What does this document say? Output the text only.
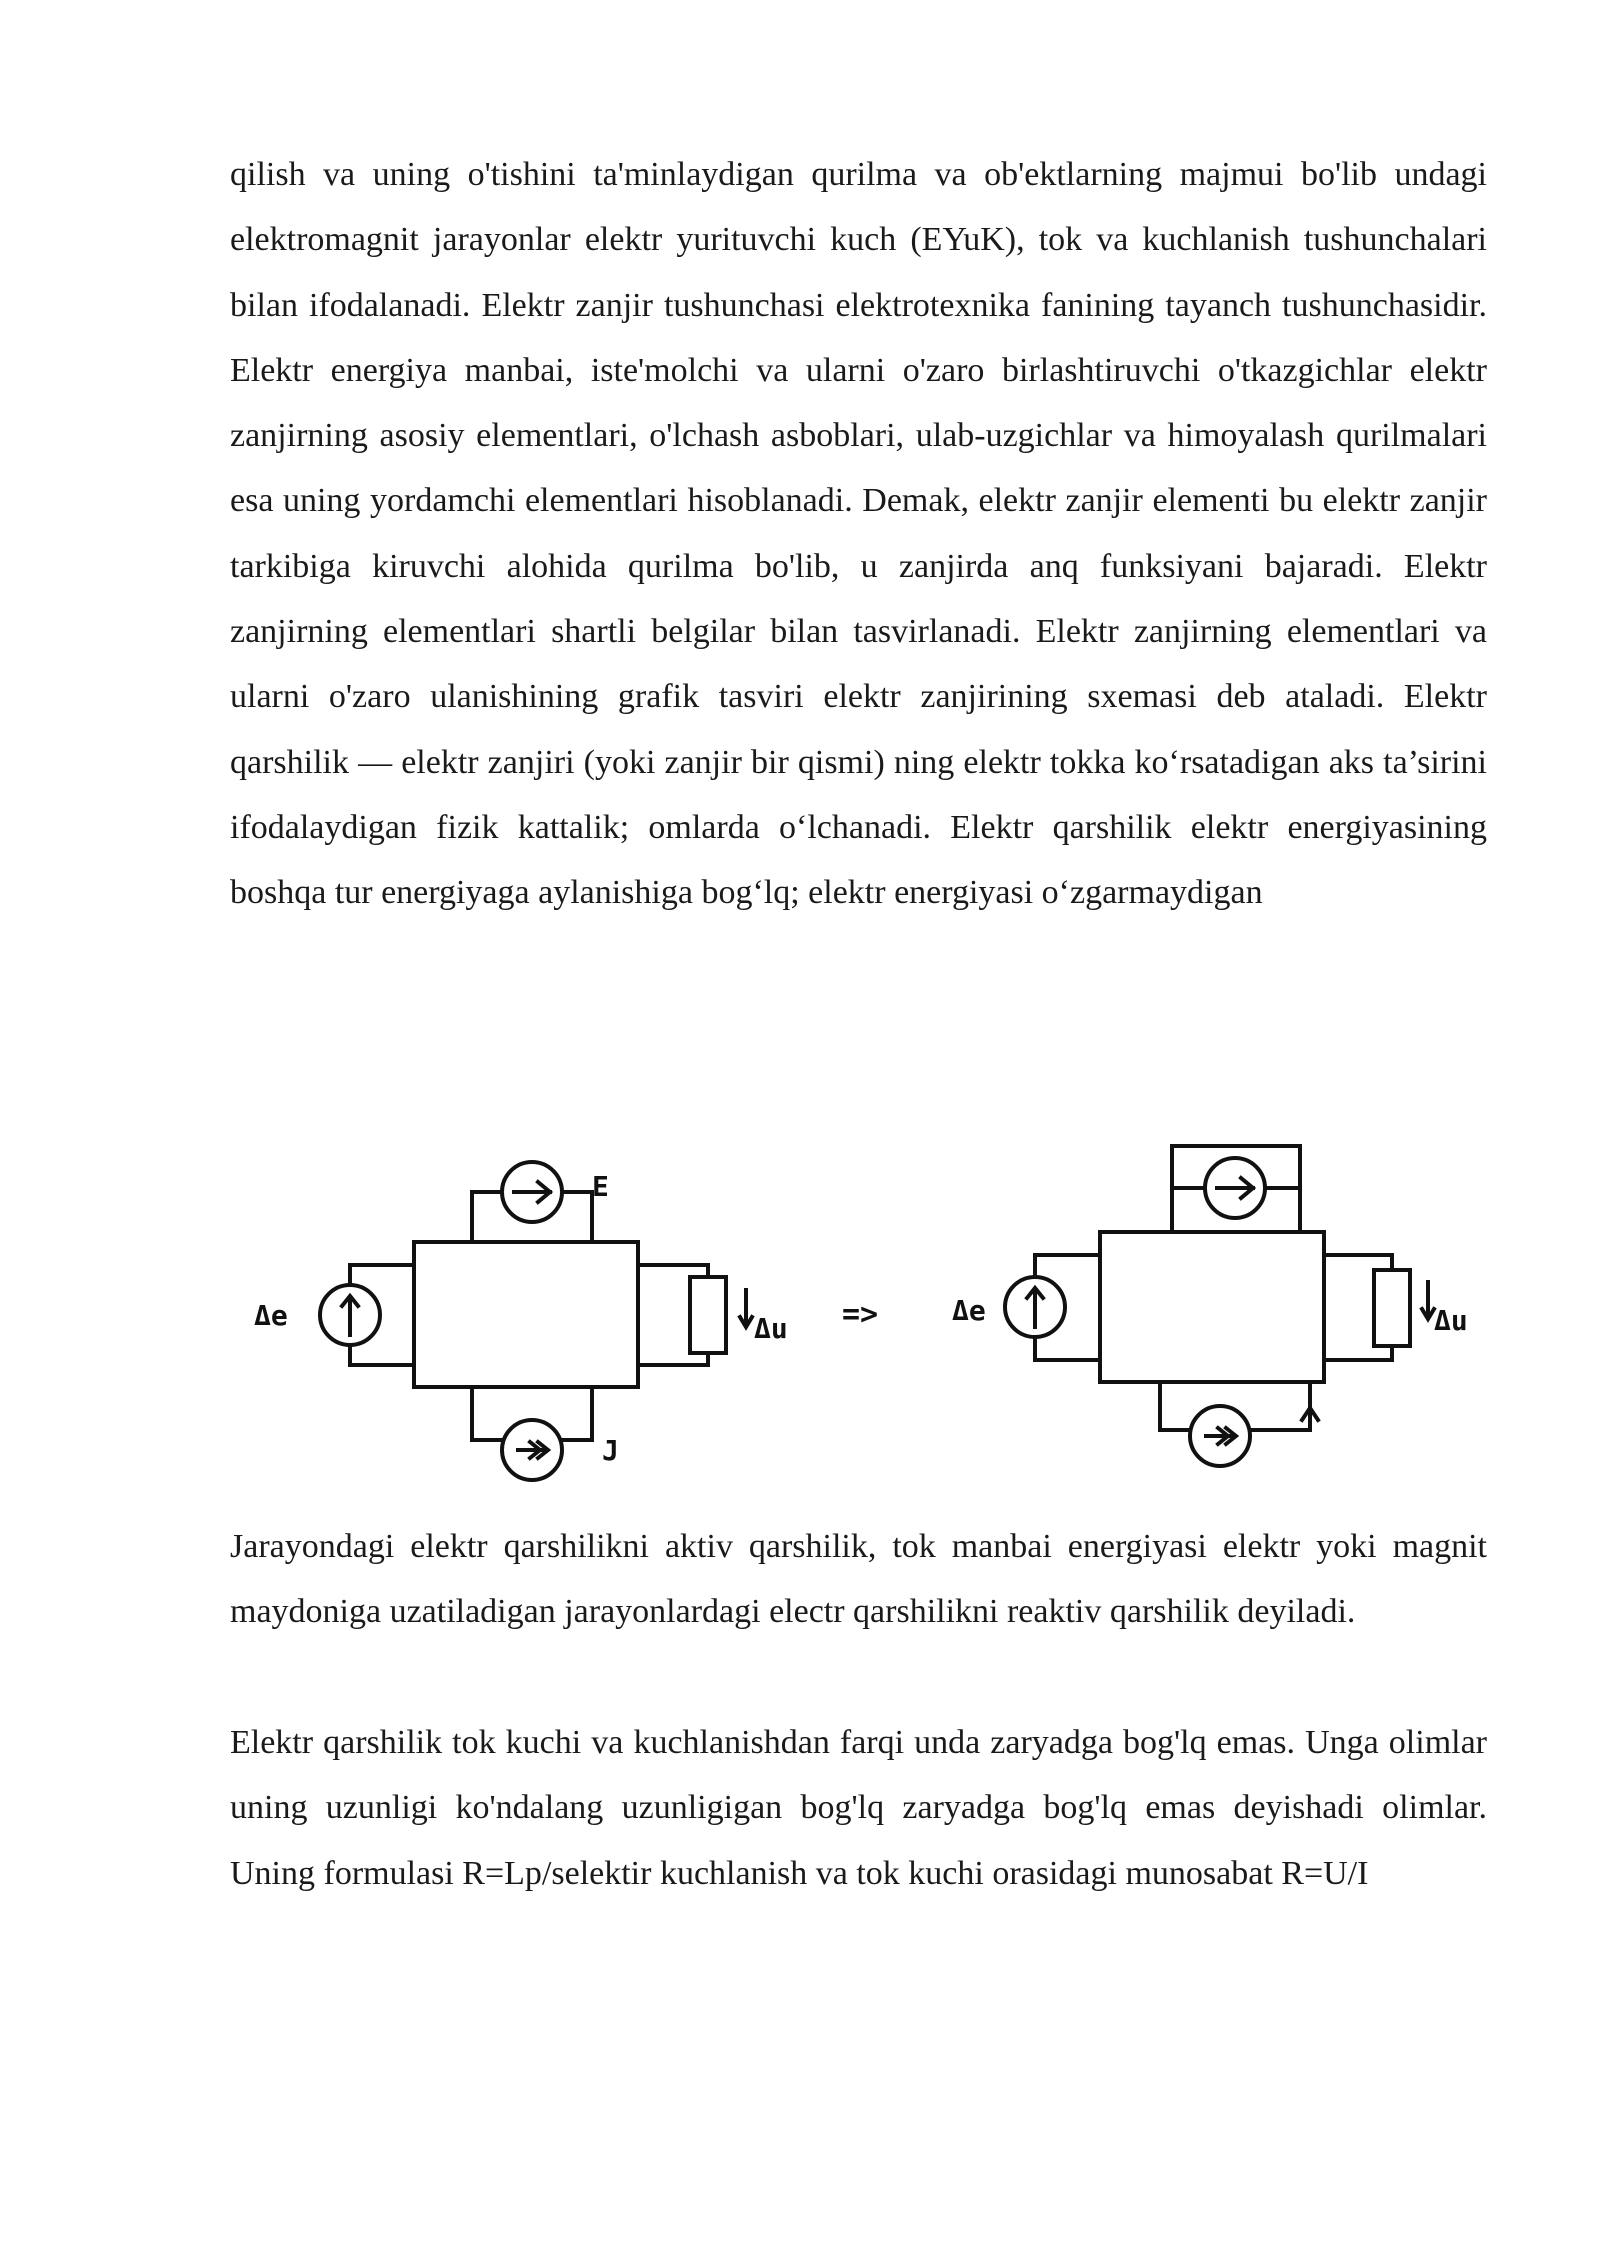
qilish va uning o'tishini ta'minlaydigan qurilma va ob'ektlarning majmui bo'lib undagi elektromagnit jarayonlar elektr yurituvchi kuch (EYuK), tok va kuchlanish tushunchalari bilan ifodalanadi. Elektr zanjir tushunchasi elektrotexnika fanining tayanch tushunchasidir. Elektr energiya manbai, iste'molchi va ularni o'zaro birlashtiruvchi o'tkazgichlar elektr zanjirning asosiy elementlari, o'lchash asboblari, ulab-uzgichlar va himoyalash qurilmalari esa uning yordamchi elementlari hisoblanadi. Demak, elektr zanjir elementi bu elektr zanjir tarkibiga kiruvchi alohida qurilma bo'lib, u zanjirda anq funksiyani bajaradi. Elektr zanjirning elementlari shartli belgilar bilan tasvirlanadi. Elektr zanjirning elementlari va ularni o'zaro ulanishining grafik tasviri elektr zanjirining sxemasi deb ataladi. Elektr qarshilik — elektr zanjiri (yoki zanjir bir qismi) ning elektr tokka ko‘rsatadigan aks ta’sirini ifodalaydigan fizik kattalik; omlarda o‘lchanadi. Elektr qarshilik elektr energiyasining boshqa tur energiyaga aylanishiga bog‘lq; elektr energiyasi o‘zgarmaydigan

E
J
Δe	Δu =>	Δe	Δu

Jarayondagi elektr qarshilikni aktiv qarshilik, tok manbai energiyasi elektr yoki magnit maydoniga uzatiladigan jarayonlardagi electr qarshilikni reaktiv qarshilik deyiladi.

Elektr qarshilik tok kuchi va kuchlanishdan farqi unda zaryadga bog'lq emas. Unga olimlar uning uzunligi ko'ndalang uzunligigan bog'lq zaryadga bog'lq emas deyishadi olimlar. Uning formulasi R=Lp/selektir kuchlanish va tok kuchi orasidagi munosabat R=U/I
